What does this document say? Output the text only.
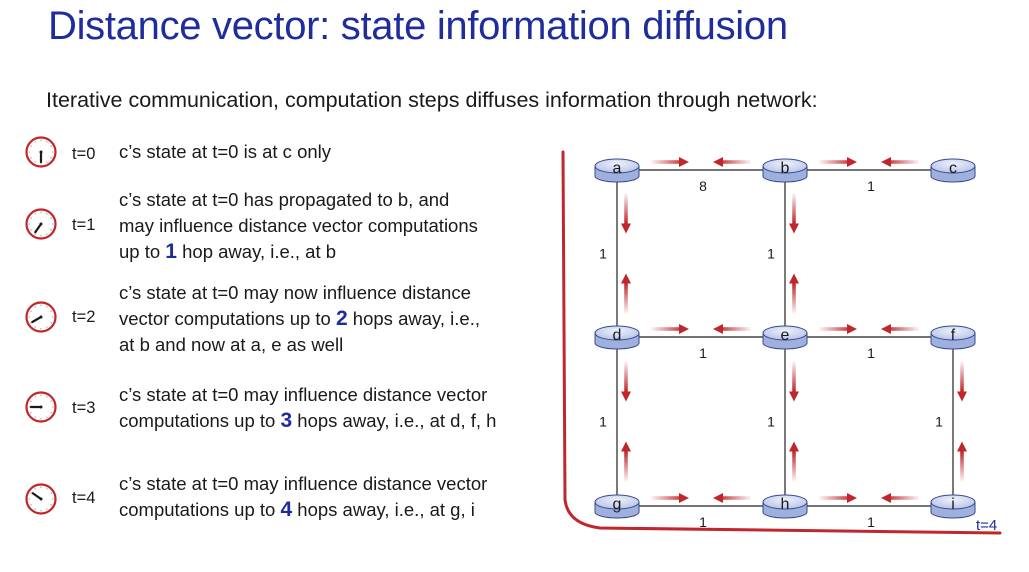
Distance vector: state information diffusion

Iterative communication, computation steps diffuses information through network:

t=0 c’s state at t=0 is at c only
t=1
c’s state at t=0 has propagated to b, and
may influence distance vector computations
up to 1 hop away, i.e., at b
t=2
c’s state at t=0 may now influence distance
vector computations up to 2 hops away, i.e.,
at b and now at a, e as well
t=3
c’s state at t=0 may influence distance vector
computations up to 3 hops away, i.e., at d, f, h
t=4
c’s state at t=0 may influence distance vector
computations up to 4 hops away, i.e., at g, i
8	1
1	1
1	1
1	1	1
1	1
a	b	c
d	e	f
g	h	i
t=4
